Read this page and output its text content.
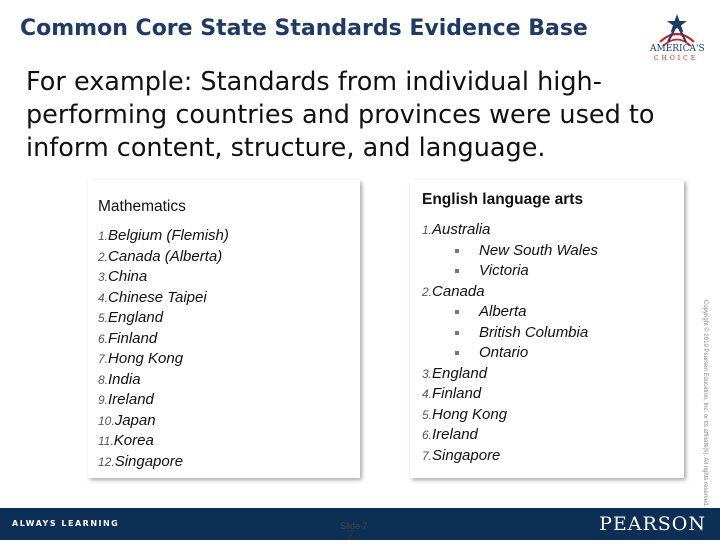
Common Core State Standards Evidence Base
AMERICA'S
CHOICE
For example: Standards from individual high-performing countries and provinces were used to inform content, structure, and language.
Mathematics
1.Belgium (Flemish)
2.Canada (Alberta)
3.China
4.Chinese Taipei
5.England
6.Finland
7.Hong Kong
8.India
9.Ireland
10.Japan
11.Korea
12.Singapore
English language arts
1.Australia
New South Wales
Victoria
2.Canada
Alberta
British Columbia
Ontario
3.England
4.Finland
5.Hong Kong
6.Ireland
7.Singapore	Copyright © 2010 Pearson Education, Inc. or its affiliate(s). All rights reserved.
ALWAYS LEARNING	PEARSON
Slide 7
7
